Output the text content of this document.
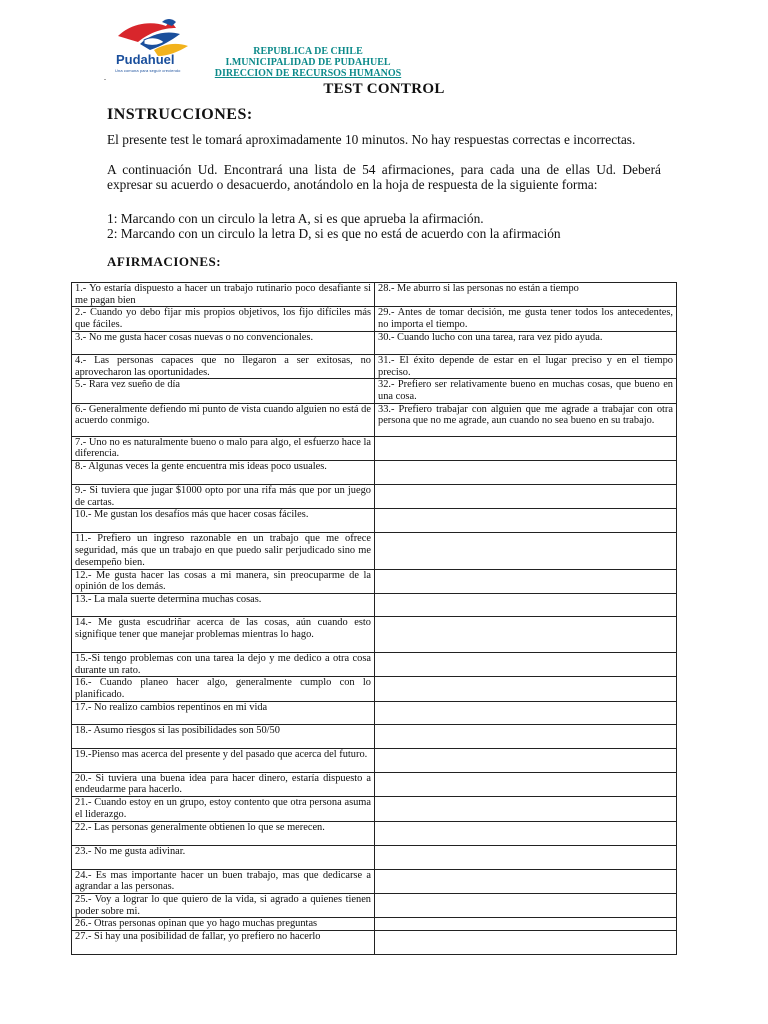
Pudahuel
Una comuna para seguir creciendo
.
REPUBLICA DE CHILE
I.MUNICIPALIDAD DE PUDAHUEL
DIRECCION DE RECURSOS HUMANOS
TEST CONTROL
INSTRUCCIONES:
El presente test le tomará aproximadamente 10 minutos. No hay respuestas correctas e incorrectas.
A continuación Ud. Encontrará una lista de 54 afirmaciones, para cada una de ellas Ud. Deberá expresar su acuerdo o desacuerdo, anotándolo en la hoja de respuesta de la siguiente forma:
1: Marcando con un circulo la letra A, si es que aprueba la afirmación.
2: Marcando con un circulo la letra D, si es que no está de acuerdo con la afirmación
AFIRMACIONES:
1.- Yo estaría dispuesto a hacer un trabajo rutinario poco desafiante si me pagan bien	28.- Me aburro si las personas no están a tiempo
2.- Cuando yo debo fijar mis propios objetivos, los fijo difíciles más que fáciles.	29.- Antes de tomar decisión, me gusta tener todos los antecedentes, no importa el tiempo.
3.- No me gusta hacer cosas nuevas o no convencionales.	30.- Cuando lucho con una tarea, rara vez pido ayuda.
4.- Las personas capaces que no llegaron a ser exitosas, no aprovecharon las oportunidades.	31.- El éxito depende de estar en el lugar preciso y en el tiempo preciso.
5.- Rara vez sueño de día	32.- Prefiero ser relativamente bueno en muchas cosas, que bueno en una cosa.
6.- Generalmente defiendo mi punto de vista cuando alguien no está de acuerdo conmigo.	33.- Prefiero trabajar con alguien que me agrade a trabajar con otra persona que no me agrade, aun cuando no sea bueno en su trabajo.
7.- Uno no es naturalmente bueno o malo para algo, el esfuerzo hace la diferencia.	
8.- Algunas veces la gente encuentra mis ideas poco usuales.	
9.- Si tuviera que jugar $1000 opto por una rifa más que por un juego de cartas.	
10.- Me gustan los desafíos más que hacer cosas fáciles.	
11.- Prefiero un ingreso razonable en un trabajo que me ofrece seguridad, más que un trabajo en que puedo salir perjudicado sino me desempeño bien.	
12.- Me gusta hacer las cosas a mi manera, sin preocuparme de la opinión de los demás.	
13.- La mala suerte determina muchas cosas.	
14.- Me gusta escudriñar acerca de las cosas, aún cuando esto signifique tener que manejar problemas mientras lo hago.	
15.-Si tengo problemas con una tarea la dejo y me dedico a otra cosa durante un rato.	
16.- Cuando planeo hacer algo, generalmente cumplo con lo planificado.	
17.- No realizo cambios repentinos en mi vida	
18.- Asumo riesgos si las posibilidades son 50/50	
19.-Pienso mas acerca del presente y del pasado que acerca del futuro.	
20.- Si tuviera una buena idea para hacer dinero, estaría dispuesto a endeudarme para hacerlo.	
21.- Cuando estoy en un grupo, estoy contento que otra persona asuma el liderazgo.	
22.- Las personas generalmente obtienen lo que se merecen.	
23.- No me gusta adivinar.	
24.- Es mas importante hacer un buen trabajo, mas que dedicarse a agrandar a las personas.	
25.- Voy a lograr lo que quiero de la vida, si agrado a quienes tienen poder sobre mi.	
26.- Otras personas opinan que yo hago muchas preguntas	
27.- Si hay una posibilidad de fallar, yo prefiero no hacerlo	
